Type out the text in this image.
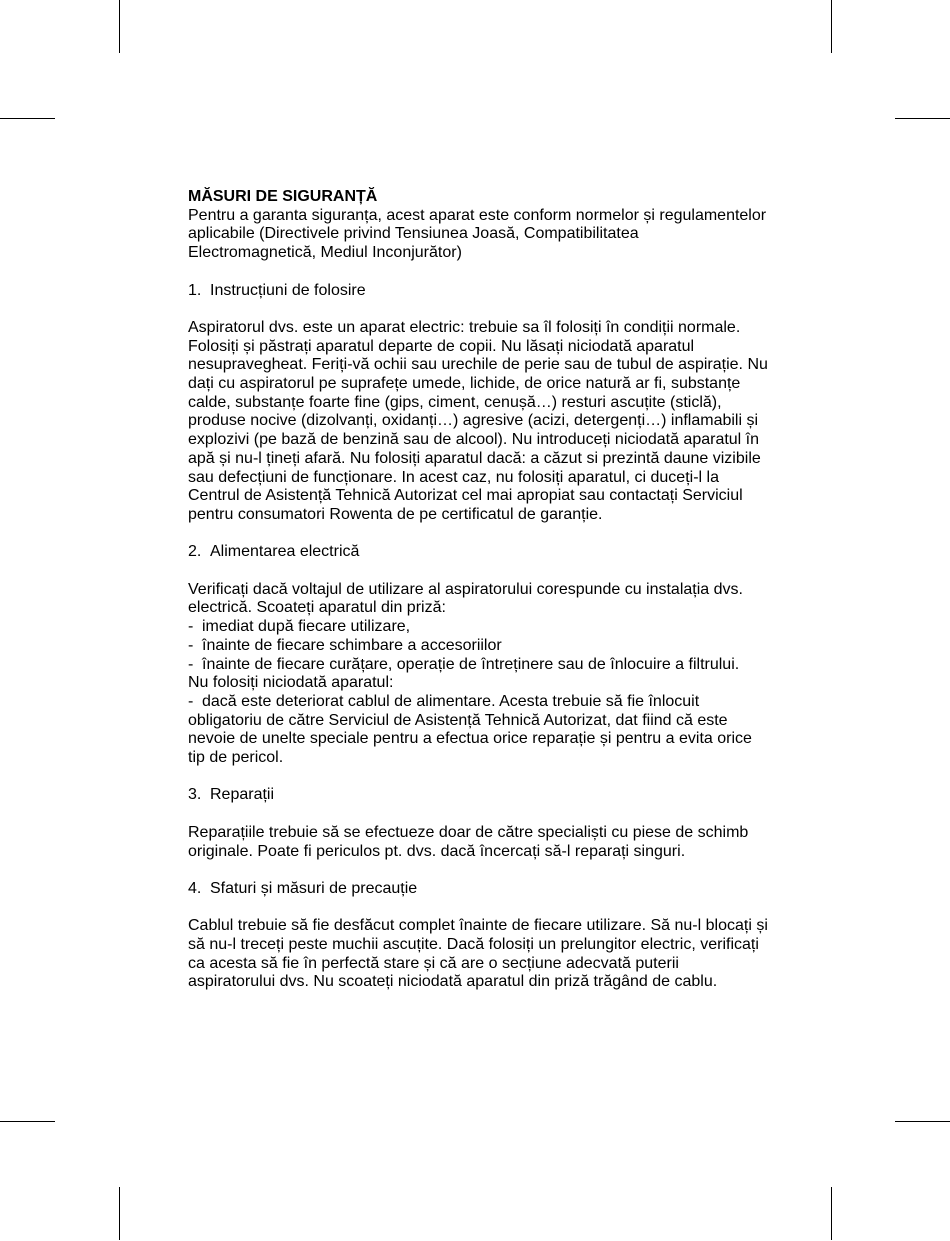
MĂSURI DE SIGURANȚĂ

Pentru a garanta siguranța, acest aparat este conform normelor și regulamentelor aplicabile (Directivele privind Tensiunea Joasă, Compatibilitatea Electromagnetică, Mediul Inconjurător)

1. Instrucțiuni de folosire

Aspiratorul dvs. este un aparat electric: trebuie sa îl folosiți în condiții normale. Folosiți și păstrați aparatul departe de copii. Nu lăsați niciodată aparatul nesupravegheat. Feriți-vă ochii sau urechile de perie sau de tubul de aspirație. Nu dați cu aspiratorul pe suprafețe umede, lichide, de orice natură ar fi, substanțe calde, substanțe foarte fine (gips, ciment, cenușă…) resturi ascuțite (sticlă), produse nocive (dizolvanți, oxidanți…) agresive (acizi, detergenți…) inflamabili și explozivi (pe bază de benzină sau de alcool). Nu introduceți niciodată aparatul în apă și nu-l țineți afară. Nu folosiți aparatul dacă: a căzut si prezintă daune vizibile sau defecțiuni de funcționare. In acest caz, nu folosiți aparatul, ci duceți-l la Centrul de Asistență Tehnică Autorizat cel mai apropiat sau contactați Serviciul pentru consumatori Rowenta de pe certificatul de garanție.

2. Alimentarea electrică

Verificați dacă voltajul de utilizare al aspiratorului corespunde cu instalația dvs. electrică. Scoateți aparatul din priză:

- imediat după fiecare utilizare,

- înainte de fiecare schimbare a accesoriilor

- înainte de fiecare curățare, operație de întreținere sau de înlocuire a filtrului.

Nu folosiți niciodată aparatul:

- dacă este deteriorat cablul de alimentare. Acesta trebuie să fie înlocuit obligatoriu de către Serviciul de Asistență Tehnică Autorizat, dat fiind că este nevoie de unelte speciale pentru a efectua orice reparație și pentru a evita orice tip de pericol.

3. Reparații

Reparațiile trebuie să se efectueze doar de către specialiști cu piese de schimb originale. Poate fi periculos pt. dvs. dacă încercați să-l reparați singuri.

4. Sfaturi și măsuri de precauție

Cablul trebuie să fie desfăcut complet înainte de fiecare utilizare. Să nu-l blocați și să nu-l treceți peste muchii ascuțite. Dacă folosiți un prelungitor electric, verificați ca acesta să fie în perfectă stare și că are o secțiune adecvată puterii aspiratorului dvs. Nu scoateți niciodată aparatul din priză trăgând de cablu.
